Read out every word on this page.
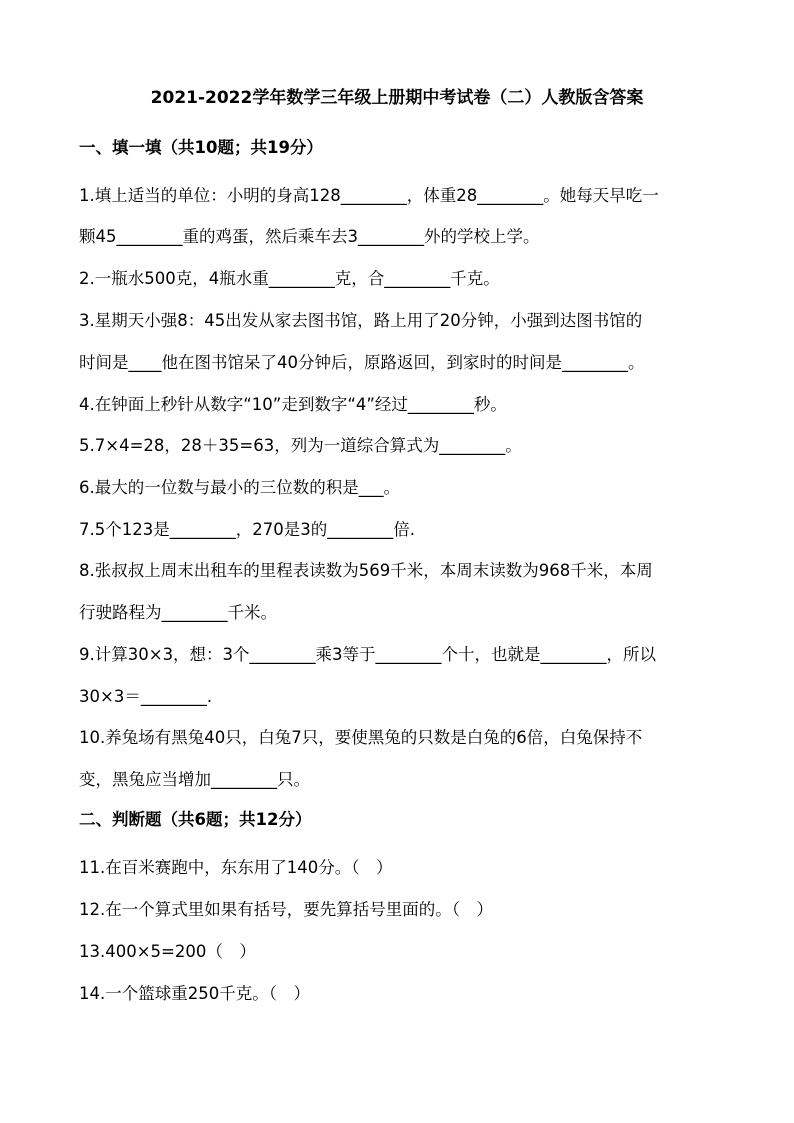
2021-2022学年数学三年级上册期中考试卷（二）人教版含答案
一、填一填（共10题；共19分）
1.填上适当的单位：小明的身高128________，体重28________。她每天早吃一
颗45________重的鸡蛋，然后乘车去3________外的学校上学。
2.一瓶水500克，4瓶水重________克，合________千克。
3.星期天小强8：45出发从家去图书馆，路上用了20分钟，小强到达图书馆的
时间是____他在图书馆呆了40分钟后，原路返回，到家时的时间是________。
4.在钟面上秒针从数字“10”走到数字“4”经过________秒。
5.7×4=28，28＋35=63，列为一道综合算式为________。
6.最大的一位数与最小的三位数的积是___。
7.5个123是________，270是3的________倍.
8.张叔叔上周末出租车的里程表读数为569千米，本周末读数为968千米，本周
行驶路程为________千米。
9.计算30×3，想：3个________乘3等于________个十，也就是________，所以
30×3＝________.
10.养兔场有黑兔40只，白兔7只，要使黑兔的只数是白兔的6倍，白兔保持不
变，黑兔应当增加________只。
二、判断题（共6题；共12分）
11.在百米赛跑中，东东用了140分。（　）
12.在一个算式里如果有括号，要先算括号里面的。（　）
13.400×5=200（　）
14.一个篮球重250千克。（　）
